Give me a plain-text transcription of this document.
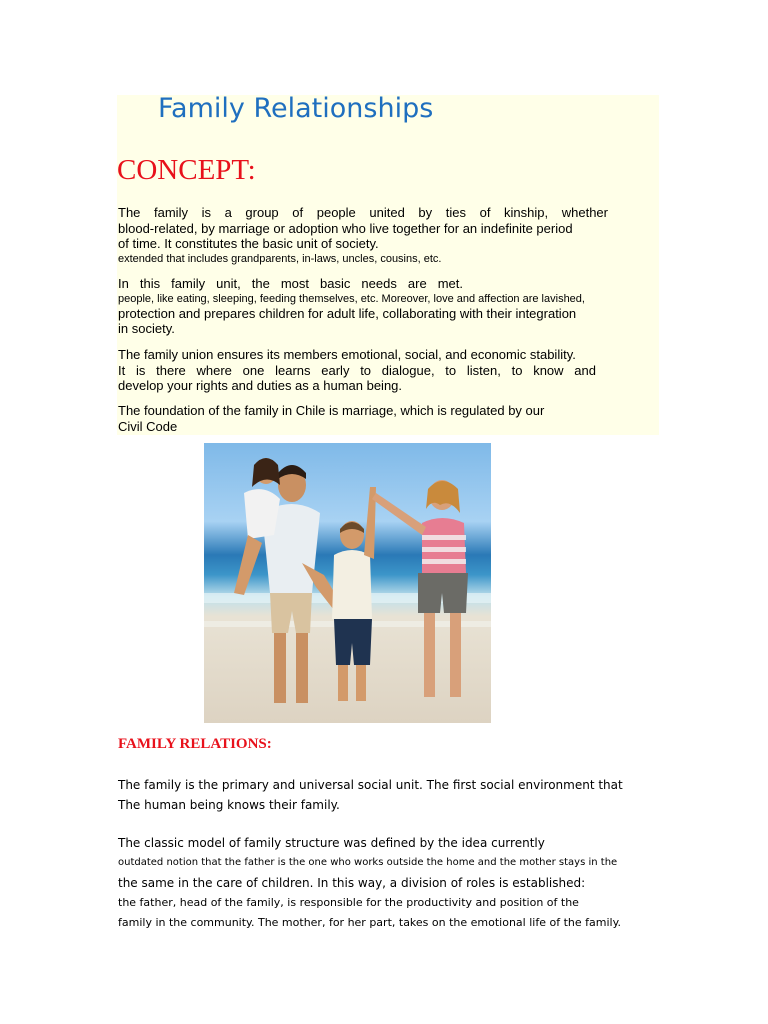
Family Relationships
CONCEPT:

The family is a group of people united by ties of kinship, whether
blood-related, by marriage or adoption who live together for an indefinite period
of time. It constitutes the basic unit of society.
extended that includes grandparents, in-laws, uncles, cousins, etc.

In this family unit, the most basic needs are met.
people, like eating, sleeping, feeding themselves, etc. Moreover, love and affection are lavished,
protection and prepares children for adult life, collaborating with their integration
in society.

The family union ensures its members emotional, social, and economic stability.
It is there where one learns early to dialogue, to listen, to know and
develop your rights and duties as a human being.

The foundation of the family in Chile is marriage, which is regulated by our
Civil Code

FAMILY RELATIONS:

The family is the primary and universal social unit. The first social environment that
The human being knows their family.

The classic model of family structure was defined by the idea currently
outdated notion that the father is the one who works outside the home and the mother stays in the
the same in the care of children. In this way, a division of roles is established:
the father, head of the family, is responsible for the productivity and position of the
family in the community. The mother, for her part, takes on the emotional life of the family.
